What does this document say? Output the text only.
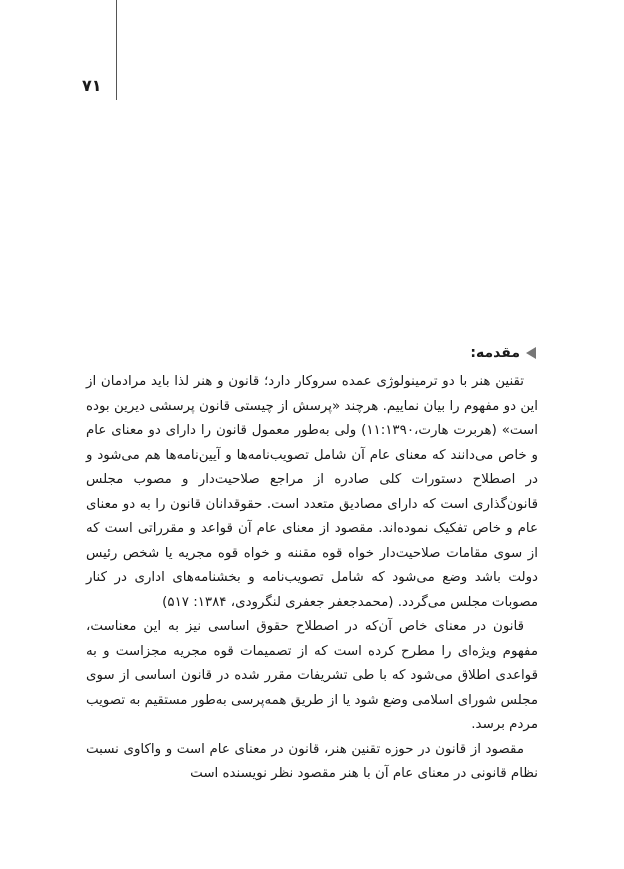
۷۱
مقدمه:

تقنین هنر با دو ترمینولوژی عمده سروکار دارد؛ قانون و هنر لذا باید مرادمان از این دو مفهوم را بیان نماییم. هرچند «پرسش از چیستی قانون پرسشی دیرین بوده است» (هربرت هارت،۱۱:۱۳۹۰) ولی به‌طور معمول قانون را دارای دو معنای عام و خاص می‌دانند که معنای عام آن شامل تصویب‌نامه‌ها و آیین‌نامه‌ها هم می‌شود و در اصطلاح دستورات کلی صادره از مراجع صلاحیت‌دار و مصوب مجلس قانون‌گذاری است که دارای مصادیق متعدد است. حقوقدانان قانون را به دو معنای عام و خاص تفکیک نموده‌اند. مقصود از معنای عام آن قواعد و مقرراتی است که از سوی مقامات صلاحیت‌دار خواه قوه مقننه و خواه قوه مجریه یا شخص رئیس دولت باشد وضع می‌شود که شامل تصویب‌نامه و بخشنامه‌های اداری در کنار مصوبات مجلس می‌گردد. (محمدجعفر جعفری لنگرودی، ۱۳۸۴: ۵۱۷)

قانون در معنای خاص آن‌که در اصطلاح حقوق اساسی نیز به این معناست، مفهوم ویژه‌ای را مطرح کرده است که از تصمیمات قوه مجریه مجزاست و به قواعدی اطلاق می‌شود که با طی تشریفات مقرر شده در قانون اساسی از سوی مجلس شورای اسلامی وضع شود یا از طریق همه‌پرسی به‌طور مستقیم به تصویب مردم برسد.

مقصود از قانون در حوزه تقنین هنر، قانون در معنای عام است و واکاوی نسبت نظام قانونی در معنای عام آن با هنر مقصود نظر نویسنده است
